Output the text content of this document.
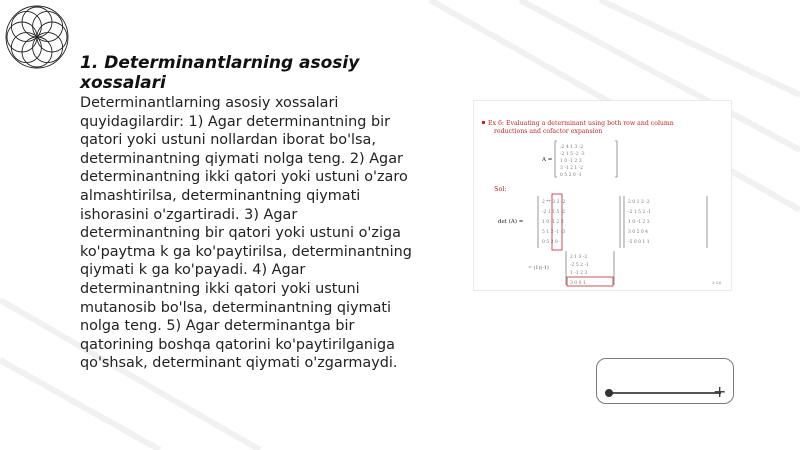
1. Determinantlarning asosiy xossalari

Determinantlarning asosiy xossalari quyidagilardir: 1) Agar determinantning bir qatori yoki ustuni nollardan iborat bo'lsa, determinantning qiymati nolga teng. 2) Agar determinantning ikki qatori yoki ustuni o'zaro almashtirilsa, determinantning qiymati ishorasini o'zgartiradi. 3) Agar determinantning bir qatori yoki ustuni o'ziga ko'paytma k ga ko'paytirilsa, determinantning qiymati k ga ko'payadi. 4) Agar determinantning ikki qatori yoki ustuni mutanosib bo'lsa, determinantning qiymati nolga teng. 5) Agar determinantga bir qatorining boshqa qatorini ko'paytirilganiga qo'shsak, determinant qiymati o'zgarmaydi.

Ex 6: Evaluating a determinant using both row and column
reductions and cofactor expansion
A =
-2 4 1 3 -2
-2 1 5 -2 -3
1 0 -1 2 3
3 -1 2 1 -2
0 5 2 0 -1
Sol:
det (A) =
2 ** 3 2 -2
-2 1 1 5 -2
1 0 -1 2 3
5 1 2 -1 -3
0 5 2 0 -1
2 0 1 3 -2
-2 1 5 2 -1
1 0 -1 2 3
3 0 5 0 4
-5 0 0 1 1
= (1)(-1)
2 1 3 -2
-2 5 2 -1
1 -1 2 3
3 0 0 1	3-26
+
